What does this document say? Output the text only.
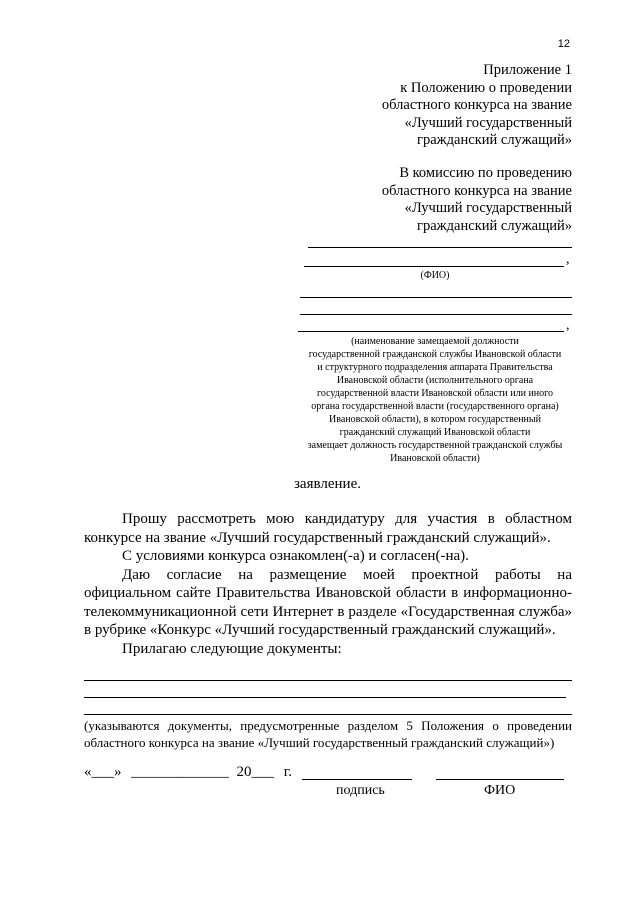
12
Приложение 1
к Положению о проведении
областного конкурса на звание
«Лучший государственный
гражданский служащий»
В комиссию по проведению
областного конкурса на звание
«Лучший государственный
гражданский служащий»
,
(ФИО)
,
(наименование замещаемой должности
государственной гражданской службы Ивановской области
и структурного подразделения аппарата Правительства
Ивановской области (исполнительного органа
государственной власти Ивановской области или иного
органа государственной власти (государственного органа)
Ивановской области), в котором государственный
гражданский служащий Ивановской области
замещает должность государственной гражданской службы
Ивановской области)
заявление.

Прошу рассмотреть мою кандидатуру для участия в областном конкурсе на звание «Лучший государственный гражданский служащий».

С условиями конкурса ознакомлен(-а) и согласен(-на).

Даю согласие на размещение моей проектной работы на официальном сайте Правительства Ивановской области в информационно-телекоммуникационной сети Интернет в разделе «Государственная служба» в рубрике «Конкурс «Лучший государственный гражданский служащий».

Прилагаю следующие документы:

(указываются документы, предусмотренные разделом 5 Положения о проведении областного конкурса на звание «Лучший государственный гражданский служащий»)
«___» _____________ 20___ г.
подпись	ФИО
